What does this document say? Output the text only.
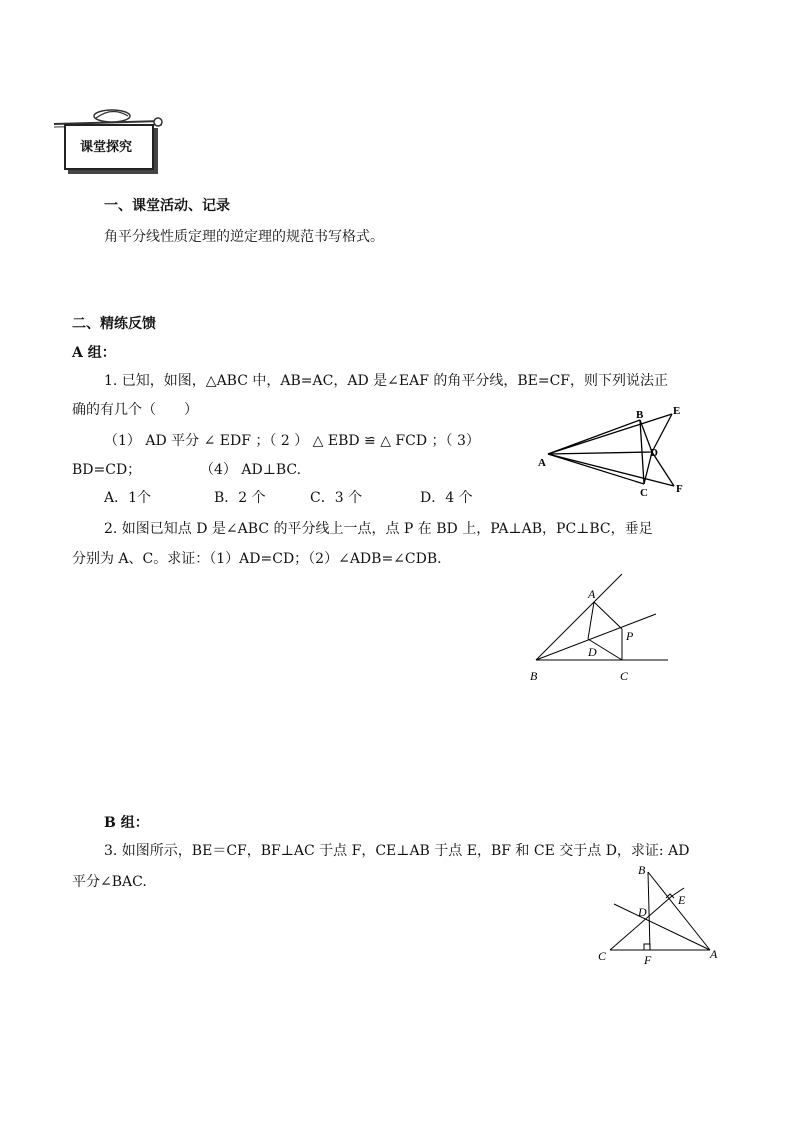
课堂探究
一、课堂活动、记录
角平分线性质定理的逆定理的规范书写格式。
二、精练反馈
A 组：
1. 已知，如图，△ABC 中，AB=AC，AD 是∠EAF 的角平分线，BE=CF，则下列说法正
确的有几个（　　）
（1） AD 平分 ∠ EDF ；（ 2 ） △ EBD ≌ △ FCD ；（ 3）
BD=CD；	（4） AD⊥BC.
A．1个	B．2 个	C．3 个	D．4 个
A
B
C
D
E
F
2. 如图已知点 D 是∠ABC 的平分线上一点，点 P 在 BD 上，PA⊥AB，PC⊥BC，垂足
分别为 A、C。求证：（1）AD=CD；（2）∠ADB=∠CDB.
A
B	C
D
P
B 组：
3. 如图所示，BE＝CF，BF⊥AC 于点 F，CE⊥AB 于点 E，BF 和 CE 交于点 D，求证: AD
平分∠BAC.
B
E
D
C	F	A
